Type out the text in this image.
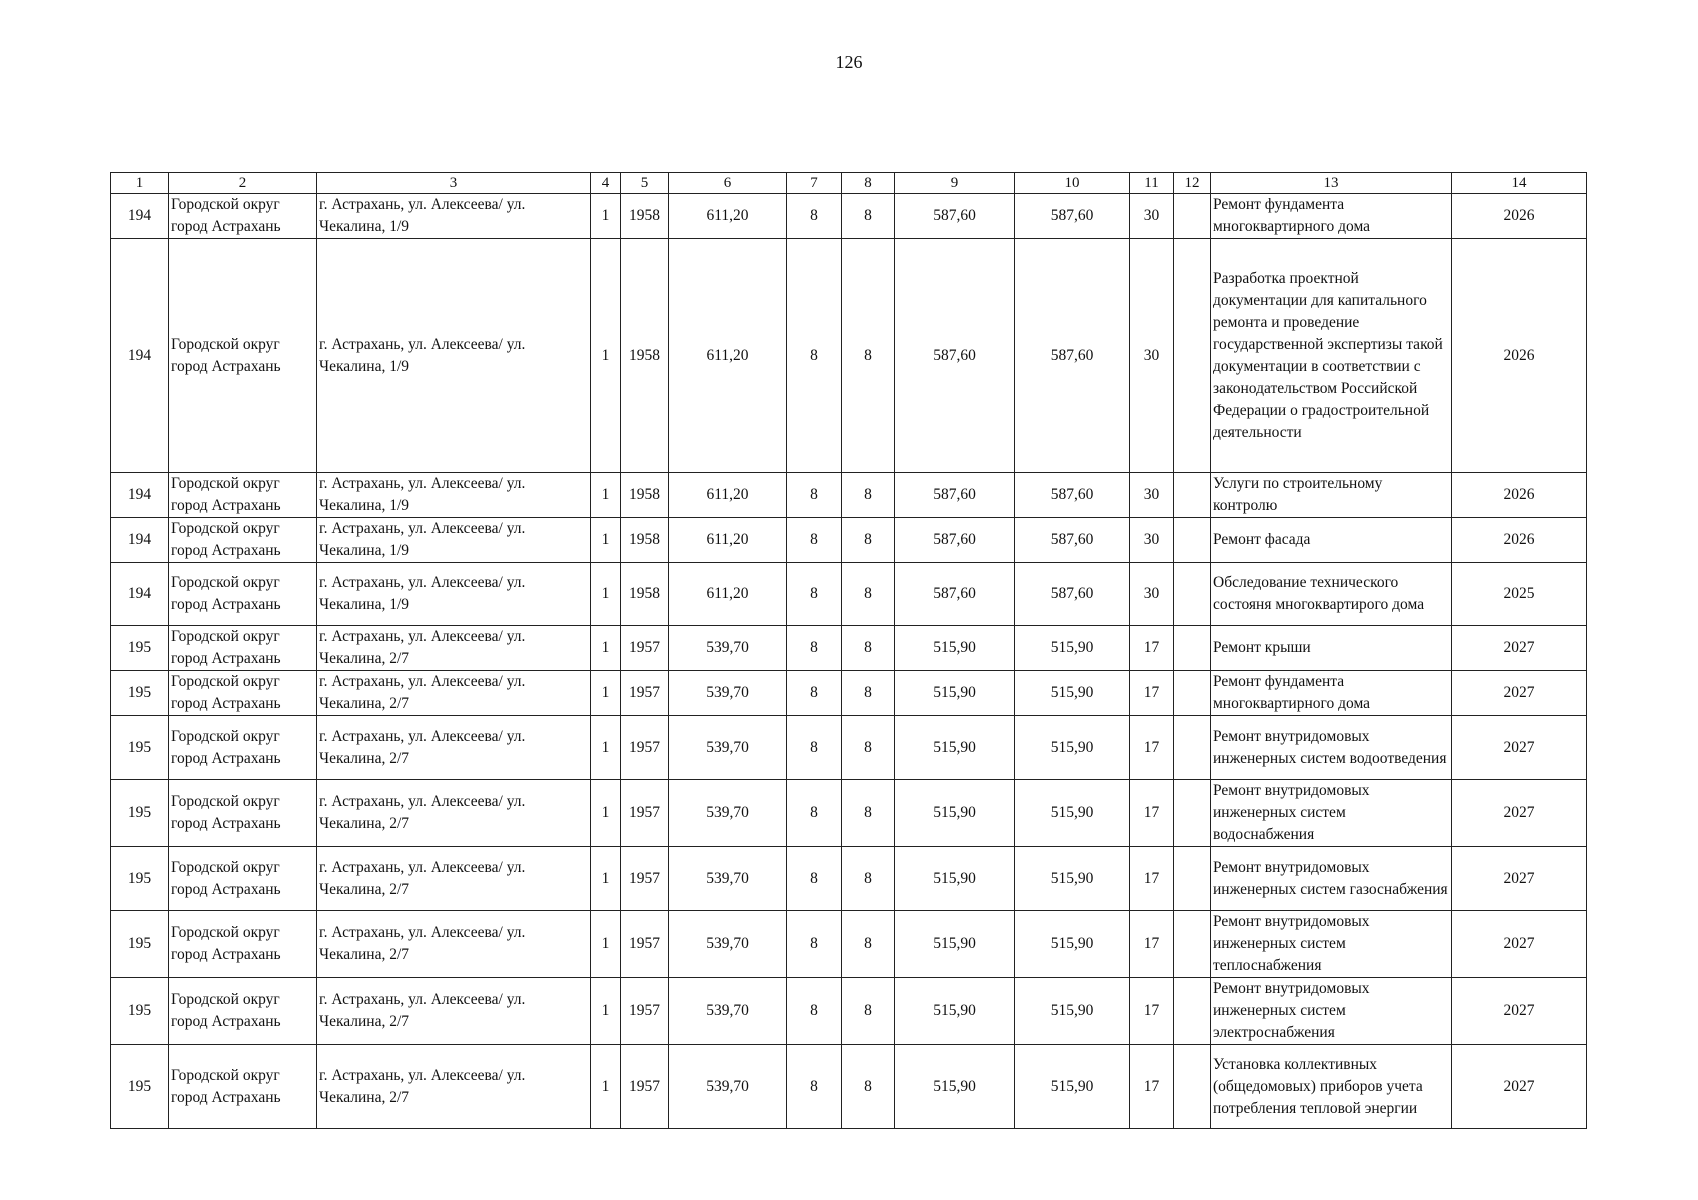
126
1	2	3	4	5	6	7	8	9	10	11	12	13	14
194	Городской округ город Астрахань	г. Астрахань, ул. Алексеева/ ул. Чекалина, 1/9	1	1958	611,20	8	8	587,60	587,60	30		Ремонт фундамента многоквартирного дома	2026
194	Городской округ город Астрахань	г. Астрахань, ул. Алексеева/ ул. Чекалина, 1/9	1	1958	611,20	8	8	587,60	587,60	30		Разработка проектной документации для капитального ремонта и проведение государственной экспертизы такой документации в соответствии с законодательством Российской Федерации о градостроительной деятельности	2026
194	Городской округ город Астрахань	г. Астрахань, ул. Алексеева/ ул. Чекалина, 1/9	1	1958	611,20	8	8	587,60	587,60	30		Услуги по строительному контролю	2026
194	Городской округ город Астрахань	г. Астрахань, ул. Алексеева/ ул. Чекалина, 1/9	1	1958	611,20	8	8	587,60	587,60	30		Ремонт фасада	2026
194	Городской округ город Астрахань	г. Астрахань, ул. Алексеева/ ул. Чекалина, 1/9	1	1958	611,20	8	8	587,60	587,60	30		Обследование технического состояня многоквартирого дома	2025
195	Городской округ город Астрахань	г. Астрахань, ул. Алексеева/ ул. Чекалина, 2/7	1	1957	539,70	8	8	515,90	515,90	17		Ремонт крыши	2027
195	Городской округ город Астрахань	г. Астрахань, ул. Алексеева/ ул. Чекалина, 2/7	1	1957	539,70	8	8	515,90	515,90	17		Ремонт фундамента многоквартирного дома	2027
195	Городской округ город Астрахань	г. Астрахань, ул. Алексеева/ ул. Чекалина, 2/7	1	1957	539,70	8	8	515,90	515,90	17		Ремонт внутридомовых инженерных систем водоотведения	2027
195	Городской округ город Астрахань	г. Астрахань, ул. Алексеева/ ул. Чекалина, 2/7	1	1957	539,70	8	8	515,90	515,90	17		Ремонт внутридомовых инженерных систем водоснабжения	2027
195	Городской округ город Астрахань	г. Астрахань, ул. Алексеева/ ул. Чекалина, 2/7	1	1957	539,70	8	8	515,90	515,90	17		Ремонт внутридомовых инженерных систем газоснабжения	2027
195	Городской округ город Астрахань	г. Астрахань, ул. Алексеева/ ул. Чекалина, 2/7	1	1957	539,70	8	8	515,90	515,90	17		Ремонт внутридомовых инженерных систем теплоснабжения	2027
195	Городской округ город Астрахань	г. Астрахань, ул. Алексеева/ ул. Чекалина, 2/7	1	1957	539,70	8	8	515,90	515,90	17		Ремонт внутридомовых инженерных систем электроснабжения	2027
195	Городской округ город Астрахань	г. Астрахань, ул. Алексеева/ ул. Чекалина, 2/7	1	1957	539,70	8	8	515,90	515,90	17		Установка коллективных (общедомовых) приборов учета потребления тепловой энергии	2027
